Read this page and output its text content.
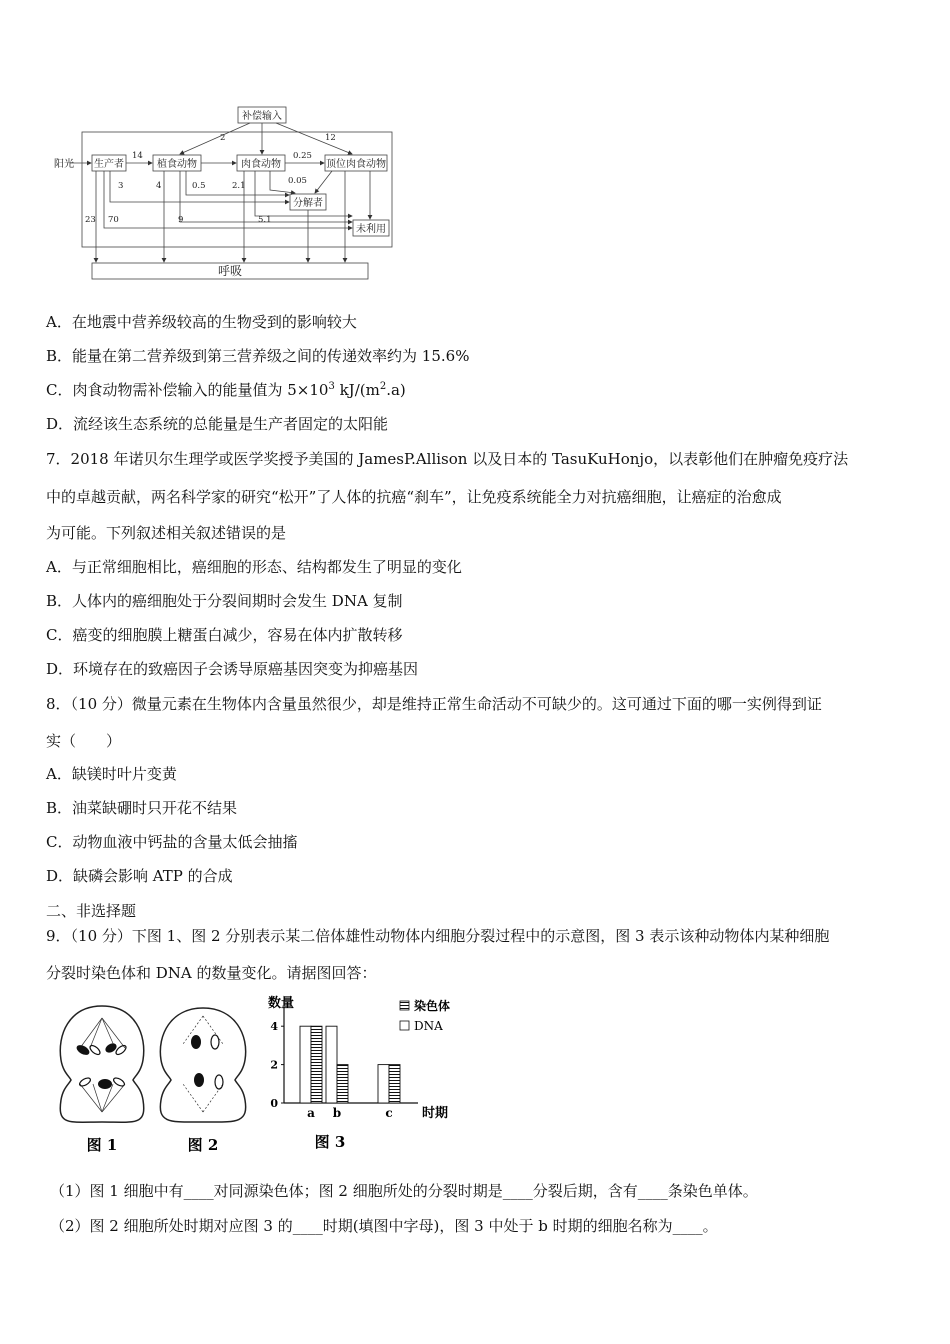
补偿输入
阳光 生产者	植食动物	肉食动物	顶位肉食动物
分解者
未利用
呼吸
2	12
14	0.25
3	4	0.5	2.1	0.05
23 70	9	5.1
A．在地震中营养级较高的生物受到的影响较大
B．能量在第二营养级到第三营养级之间的传递效率约为 15.6%
C．肉食动物需补偿输入的能量值为 $5\times 10^3$ $kJ/(m^2.a)$
D．流经该生态系统的总能量是生产者固定的太阳能
7．2018 年诺贝尔生理学或医学奖授予美国的 JamesP.Allison 以及日本的 TasuKuHonjo，以表彰他们在肿瘤免疫疗法
中的卓越贡献，两名科学家的研究“松开”了人体的抗癌“刹车”，让免疫系统能全力对抗癌细胞，让癌症的治愈成
为可能。下列叙述相关叙述错误的是
A．与正常细胞相比，癌细胞的形态、结构都发生了明显的变化
B．人体内的癌细胞处于分裂间期时会发生 DNA 复制
C．癌变的细胞膜上糖蛋白减少，容易在体内扩散转移
D．环境存在的致癌因子会诱导原癌基因突变为抑癌基因
8．（10 分）微量元素在生物体内含量虽然很少，却是维持正常生命活动不可缺少的。这可通过下面的哪一实例得到证
实（　　）
A．缺镁时叶片变黄
B．油菜缺硼时只开花不结果
C．动物血液中钙盐的含量太低会抽搐
D．缺磷会影响 ATP 的合成
二、非选择题
9．（10 分）下图 1、图 2 分别表示某二倍体雄性动物体内细胞分裂过程中的示意图，图 3 表示该种动物体内某种细胞
分裂时染色体和 DNA 的数量变化。请据图回答：
图 1	图 2
数量
时期
染色体
DNA
0
2
4
a b	c
图 3
（1）图 1 细胞中有____对同源染色体；图 2 细胞所处的分裂时期是____分裂后期，含有____条染色单体。
（2）图 2 细胞所处时期对应图 3 的____时期(填图中字母)，图 3 中处于 b 时期的细胞名称为____。
